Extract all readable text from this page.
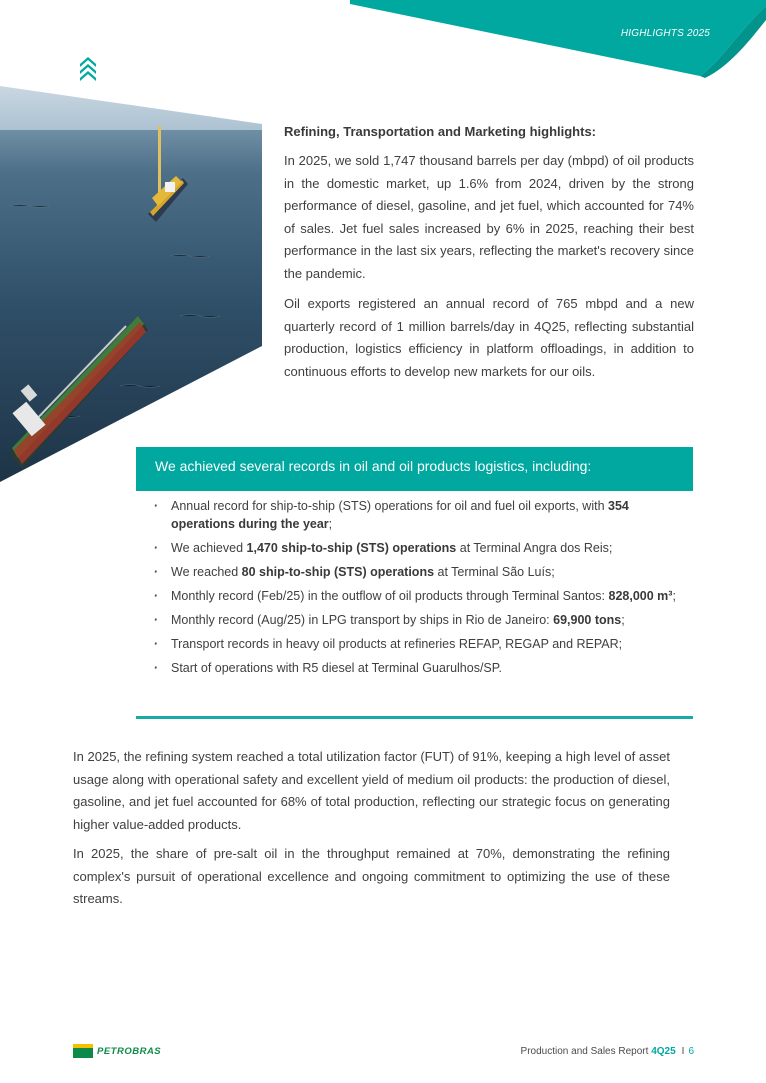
HIGHLIGHTS 2025
Refining, Transportation and Marketing highlights:

In 2025, we sold 1,747 thousand barrels per day (mbpd) of oil products in the domestic market, up 1.6% from 2024, driven by the strong performance of diesel, gasoline, and jet fuel, which accounted for 74% of sales. Jet fuel sales increased by 6% in 2025, reaching their best performance in the last six years, reflecting the market's recovery since the pandemic.

Oil exports registered an annual record of 765 mbpd and a new quarterly record of 1 million barrels/day in 4Q25, reflecting substantial production, logistics efficiency in platform offloadings, in addition to continuous efforts to develop new markets for our oils.

We achieved several records in oil and oil products logistics, including:
· Annual record for ship-to-ship (STS) operations for oil and fuel oil exports, with 354 operations during the year;
· We achieved 1,470 ship-to-ship (STS) operations at Terminal Angra dos Reis;
· We reached 80 ship-to-ship (STS) operations at Terminal São Luís;
· Monthly record (Feb/25) in the outflow of oil products through Terminal Santos: 828,000 m³;
· Monthly record (Aug/25) in LPG transport by ships in Rio de Janeiro: 69,900 tons;
· Transport records in heavy oil products at refineries REFAP, REGAP and REPAR;
· Start of operations with R5 diesel at Terminal Guarulhos/SP.

In 2025, the refining system reached a total utilization factor (FUT) of 91%, keeping a high level of asset usage along with operational safety and excellent yield of medium oil products: the production of diesel, gasoline, and jet fuel accounted for 68% of total production, reflecting our strategic focus on generating higher value-added products.

In 2025, the share of pre-salt oil in the throughput remained at 70%, demonstrating the refining complex's pursuit of operational excellence and ongoing commitment to optimizing the use of these streams.

PETROBRAS	Production and Sales Report 4Q25 I 6
